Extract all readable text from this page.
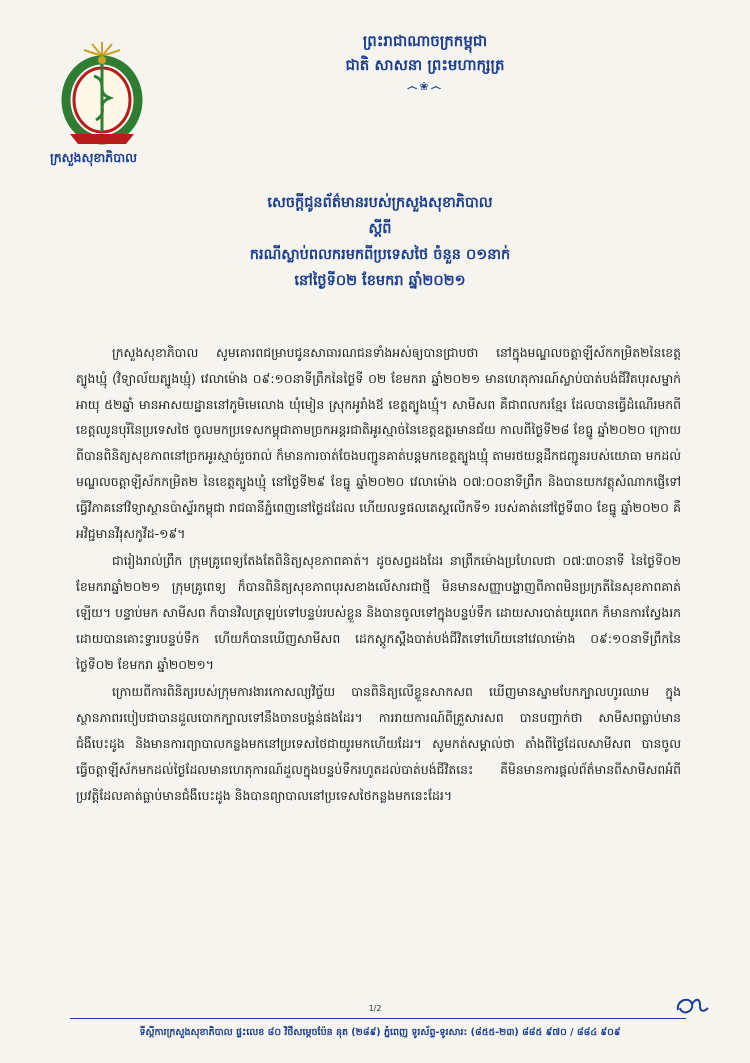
ក្រសួងសុខាភិបាល
ព្រះរាជាណាចក្រកម្ពុជា
ជាតិ សាសនា ព្រះមហាក្សត្រ
෴❀෴
សេចក្តីជូនព័ត៌មានរបស់ក្រសួងសុខាភិបាល
ស្តីពី
ករណីស្លាប់ពលករមកពីប្រទេសថៃ ចំនួន ០១នាក់
នៅថ្ងៃទី០២ ខែមករា ឆ្នាំ២០២១

ក្រសួងសុខាភិបាល សូមគោរពជម្រាបជូនសាធារណជនទាំងអស់ឲ្យបានជ្រាបថា នៅក្នុងមណ្ឌលចត្តាឡីស័កកម្រិត២នៃខេត្តត្បូងឃ្មុំ (វិទ្យាល័យត្បូងឃ្មុំ) វេលាម៉ោង ០៩:១០នាទីព្រឹកនៃថ្ងៃទី ០២ ខែមករា ឆ្នាំ២០២១ មានហេតុការណ៍ស្លាប់បាត់បង់ជីវិតបុរសម្នាក់អាយុ ៥២ឆ្នាំ មានអាសយដ្ឋាននៅភូមិមេលោង ឃុំមៀន ស្រុកអូរាំងឪ ខេត្តត្បូងឃ្មុំ។ សាមីសព គឺជាពលករខ្មែរ ដែលបានធ្វើដំណើរមកពីខេត្តឈូនបុរីនៃប្រទេសថៃ ចូលមកប្រទេសកម្ពុជាតាមច្រកអន្តរជាតិអូរស្មាច់នៃខេត្តឧត្តរមានជ័យ កាលពីថ្ងៃទី២៨ ខែធ្នូ ឆ្នាំ២០២០ ក្រោយពីបានពិនិត្យសុខភាពនៅច្រកអូរស្មាច់រួចរាល់ ក៏មានការចាត់ចែងបញ្ជូនគាត់បន្តមកខេត្តត្បូងឃ្មុំ តាមរថយន្តដឹកជញ្ជូនរបស់យោធា មកដល់មណ្ឌលចត្តាឡីស័កកម្រិត២ នៃខេត្តត្បូងឃ្មុំ នៅថ្ងៃទី២៩ ខែធ្នូ ឆ្នាំ២០២០ វេលាម៉ោង ០៧:០០នាទីព្រឹក និងបានយកវត្ថុសំណាកផ្ញើទៅធ្វើវិភាគនៅវិទ្យាស្ថានប៉ាស្ទ័រកម្ពុជា រាជធានីភ្នំពេញនៅថ្ងៃដដែល ហើយលទ្ធផលតេស្តលើកទី១ របស់គាត់នៅថ្ងៃទី៣០ ខែធ្នូ ឆ្នាំ២០២០ គឺ អវិជ្ជមានវីរុសកូវីដ-១៩។

ជារៀងរាល់ព្រឹក ក្រុមគ្រូពេទ្យតែងតែពិនិត្យសុខភាពគាត់។ ដូចសព្វដងដែរ នាព្រឹកម៉ោងប្រហែលជា ០៧:៣០នាទី នៃថ្ងៃទី០២ ខែមករាឆ្នាំ២០២១ ក្រុមគ្រូពេទ្យ ក៏បានពិនិត្យសុខភាពបុរសខាងលើសារជាថ្មី មិនមានសញ្ញាបង្ហាញពីភាពមិនប្រក្រតីនៃសុខភាពគាត់ឡើយ។ បន្ទាប់មក សាមីសព ក៏បានវិលត្រឡប់ទៅបន្ទប់របស់ខ្លួន និងបានចូលទៅក្នុងបន្ទប់ទឹក ដោយសារបាត់យូរពេក ក៏មានការស្វែងរកដោយបានគោះទ្វារបន្ទប់ទឹក ហើយក៏បានឃើញសាមីសព ដេកស្តូកស្តឹងបាត់បង់ជីវិតទៅហើយនៅវេលាម៉ោង ០៩:១០នាទីព្រឹកនៃថ្ងៃទី០២ ខែមករា ឆ្នាំ២០២១។

ក្រោយពីការពិនិត្យរបស់ក្រុមការងារកោសល្យវិច្ច័យ បានពិនិត្យលើខ្លួនសាកសព ឃើញមានស្នាមបែកក្បាលហូរឈាម ក្នុងស្ថានភាពរបៀបជាបានដួលបោកក្បាលទៅនឹងចានបង្គន់ផងដែរ។ ការរាយការណ៍ពីគ្រួសារសព បានបញ្ជាក់ថា សាមីសពធ្លាប់មានជំងឺបេះដូង និងមានការព្យាបាលកន្លងមកនៅប្រទេសថៃជាយូរមកហើយដែរ។ សូមកត់សម្គាល់ថា តាំងពីថ្ងៃដែលសាមីសព បានចូលធ្វើចត្តាឡីស័កមកដល់ថ្ងៃដែលមានហេតុការណ៍ដួលក្នុងបន្ទប់ទឹករហូតដល់បាត់បង់ជីវិតនេះ គឺមិនមានការផ្តល់ព័ត៌មានពីសាមីសពអំពីប្រវត្តិដែលគាត់ធ្លាប់មានជំងឺបេះដូង និងបានព្យាបាលនៅប្រទេសថៃកន្លងមកនេះដែរ។

1/2
ទីស្តីការក្រសួងសុខាភិបាល ផ្ទះលេខ ៨០ វិថីសម្តេចប៉ែន នុត (២៨៩) ភ្នំពេញ ទូរស័ព្ទ-ទូរសារ: (៨៥៥-២៣) ៨៨៥ ៩៧០ / ៨៨៤ ៩០៩
